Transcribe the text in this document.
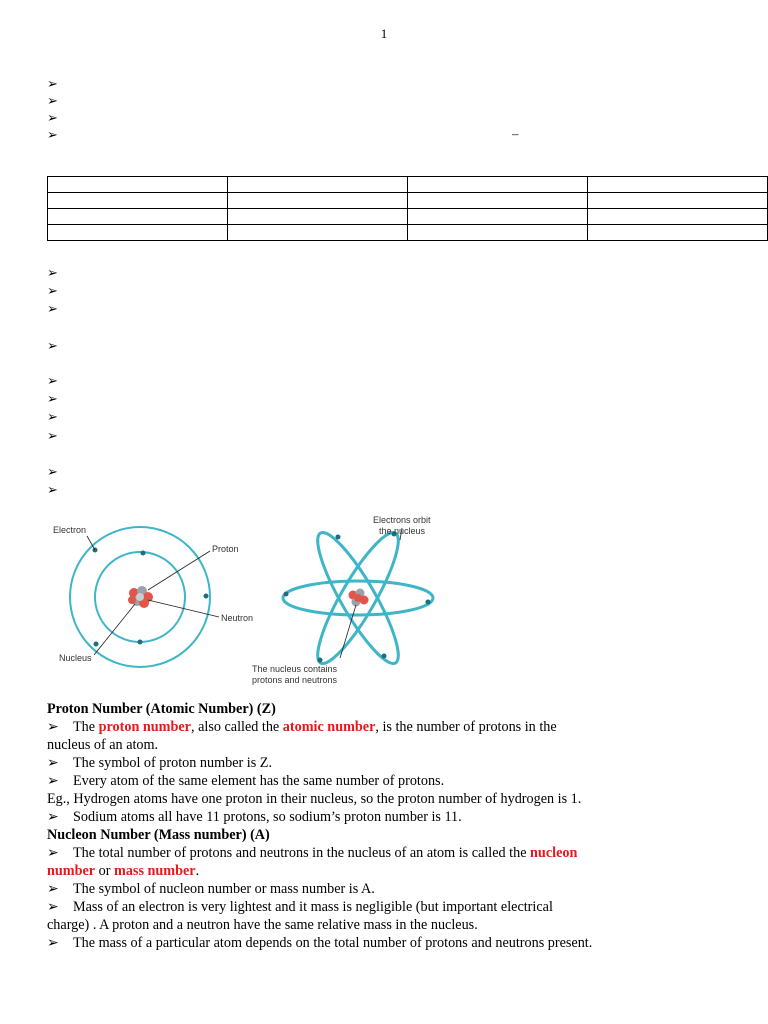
1
➢
➢
➢
➢	–

➢
➢
➢
➢
➢
➢
➢
➢
➢
➢
Electron
Proton
Neutron
Nucleus
Electrons orbit
the nucleus
The nucleus contains
protons and neutrons

Proton Number (Atomic Number) (Z)

➢ The proton number, also called the atomic number, is the number of protons in the

nucleus of an atom.

➢ The symbol of proton number is Z.

➢ Every atom of the same element has the same number of protons.

Eg., Hydrogen atoms have one proton in their nucleus, so the proton number of hydrogen is 1.

➢ Sodium atoms all have 11 protons, so sodium’s proton number is 11.

Nucleon Number (Mass number) (A)

➢ The total number of protons and neutrons in the nucleus of an atom is called the nucleon

number or mass number.

➢ The symbol of nucleon number or mass number is A.

➢ Mass of an electron is very lightest and it mass is negligible (but important electrical

charge) . A proton and a neutron have the same relative mass in the nucleus.

➢ The mass of a particular atom depends on the total number of protons and neutrons present.
